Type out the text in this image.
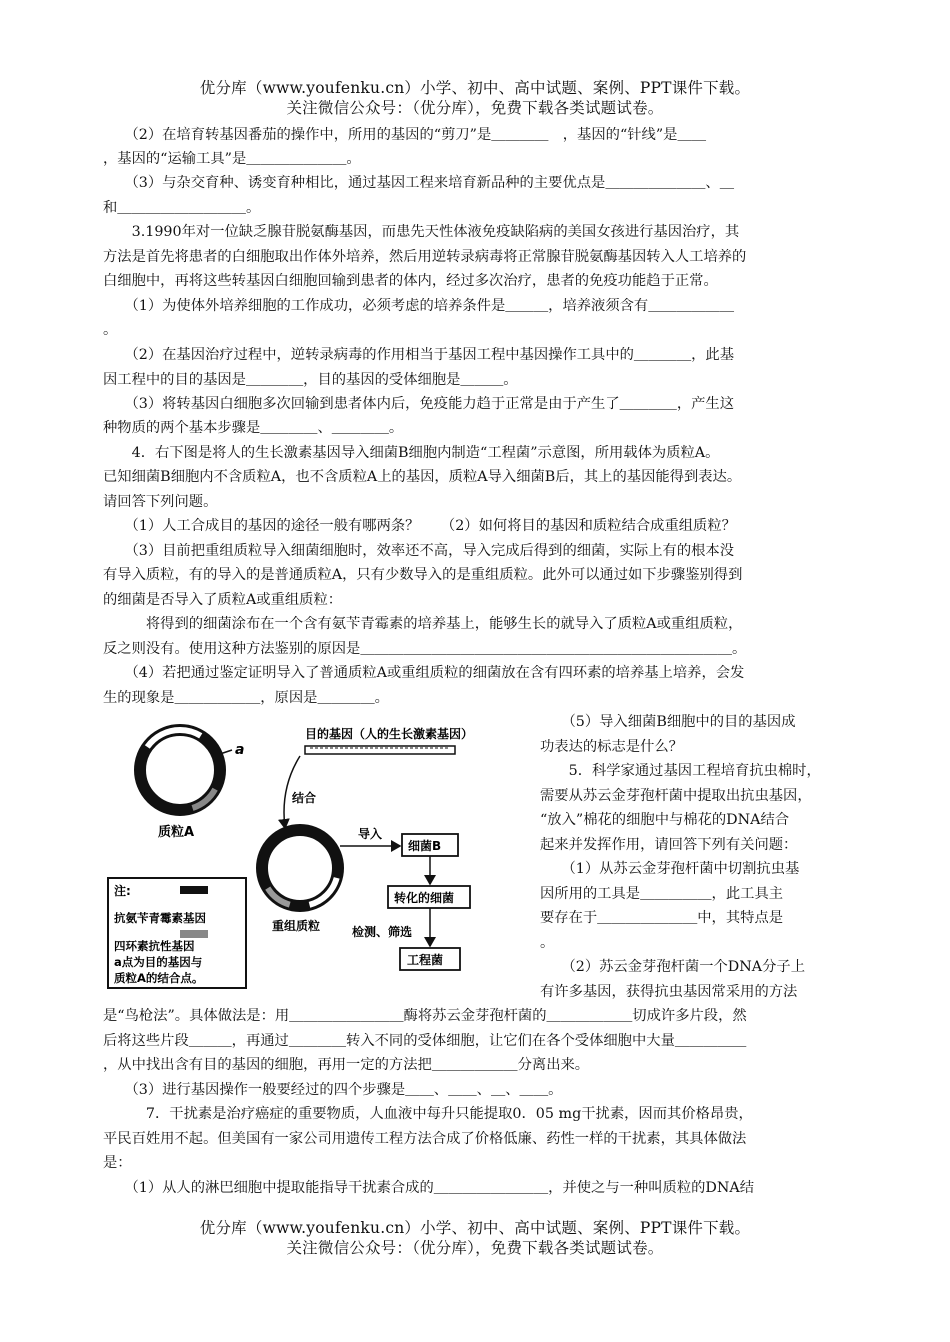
优分库（www.youfenku.cn）小学、初中、高中试题、案例、PPT课件下载。
关注微信公众号：（优分库），免费下载各类试题试卷。
　　（2）在培育转基因番茄的操作中，所用的基因的“剪刀”是＿＿＿＿　，基因的“针线”是＿＿
，基因的“运输工具”是＿＿＿＿＿＿＿。
　　（3）与杂交育种、诱变育种相比，通过基因工程来培育新品种的主要优点是＿＿＿＿＿＿＿、＿
和＿＿＿＿＿＿＿＿＿。
　　3.1990年对一位缺乏腺苷脱氨酶基因，而患先天性体液免疫缺陷病的美国女孩进行基因治疗，其
方法是首先将患者的白细胞取出作体外培养，然后用逆转录病毒将正常腺苷脱氨酶基因转入人工培养的
白细胞中，再将这些转基因白细胞回输到患者的体内，经过多次治疗，患者的免疫功能趋于正常。
　　（1）为使体外培养细胞的工作成功，必须考虑的培养条件是＿＿＿，培养液须含有＿＿＿＿＿＿
。
　　（2）在基因治疗过程中，逆转录病毒的作用相当于基因工程中基因操作工具中的＿＿＿＿，此基
因工程中的目的基因是＿＿＿＿，目的基因的受体细胞是＿＿＿。
　　（3）将转基因白细胞多次回输到患者体内后，免疫能力趋于正常是由于产生了＿＿＿＿，产生这
种物质的两个基本步骤是＿＿＿＿、＿＿＿＿。
　　4．右下图是将人的生长激素基因导入细菌B细胞内制造“工程菌”示意图，所用载体为质粒A。
已知细菌B细胞内不含质粒A，也不含质粒A上的基因，质粒A导入细菌B后，其上的基因能得到表达。
请回答下列问题。
　　（1）人工合成目的基因的途径一般有哪两条？　　（2）如何将目的基因和质粒结合成重组质粒？
　　（3）目前把重组质粒导入细菌细胞时，效率还不高，导入完成后得到的细菌，实际上有的根本没
有导入质粒，有的导入的是普通质粒A，只有少数导入的是重组质粒。此外可以通过如下步骤鉴别得到
的细菌是否导入了质粒A或重组质粒：
　　　将得到的细菌涂布在一个含有氨苄青霉素的培养基上，能够生长的就导入了质粒A或重组质粒，
反之则没有。使用这种方法鉴别的原因是＿＿＿＿＿＿＿＿＿＿＿＿＿＿＿＿＿＿＿＿＿＿＿＿＿＿。
　　（4）若把通过鉴定证明导入了普通质粒A或重组质粒的细菌放在含有四环素的培养基上培养，会发
生的现象是＿＿＿＿＿＿，原因是＿＿＿＿。
　　（5）导入细菌B细胞中的目的基因成
功表达的标志是什么？
　　5．科学家通过基因工程培育抗虫棉时，
需要从苏云金芽孢杆菌中提取出抗虫基因，
“放入”棉花的细胞中与棉花的DNA结合
起来并发挥作用，请回答下列有关问题：
　　（1）从苏云金芽孢杆菌中切割抗虫基
因所用的工具是＿＿＿＿＿，此工具主
要存在于＿＿＿＿＿＿＿中，其特点是
。
　　（2）苏云金芽孢杆菌一个DNA分子上
有许多基因，获得抗虫基因常采用的方法
a
质粒A
目的基因（人的生长激素基因）
结合
重组质粒
导入
细菌B
转化的细菌
检测、筛选
工程菌
注:
抗氨苄青霉素基因
四环素抗性基因
a点为目的基因与
质粒A的结合点。
是“鸟枪法”。具体做法是：用＿＿＿＿＿＿＿＿酶将苏云金芽孢杆菌的＿＿＿＿＿＿切成许多片段，然
后将这些片段＿＿＿，再通过＿＿＿＿转入不同的受体细胞，让它们在各个受体细胞中大量＿＿＿＿＿
，从中找出含有目的基因的细胞，再用一定的方法把＿＿＿＿＿＿分离出来。
　　（3）进行基因操作一般要经过的四个步骤是＿＿、＿＿、＿、＿＿。
　　　7．干扰素是治疗癌症的重要物质，人血液中每升只能提取0．05 mg干扰素，因而其价格昂贵，
平民百姓用不起。但美国有一家公司用遗传工程方法合成了价格低廉、药性一样的干扰素，其具体做法
是：
　　（1）从人的淋巴细胞中提取能指导干扰素合成的＿＿＿＿＿＿＿＿，并使之与一种叫质粒的DNA结
优分库（www.youfenku.cn）小学、初中、高中试题、案例、PPT课件下载。
关注微信公众号：（优分库），免费下载各类试题试卷。
